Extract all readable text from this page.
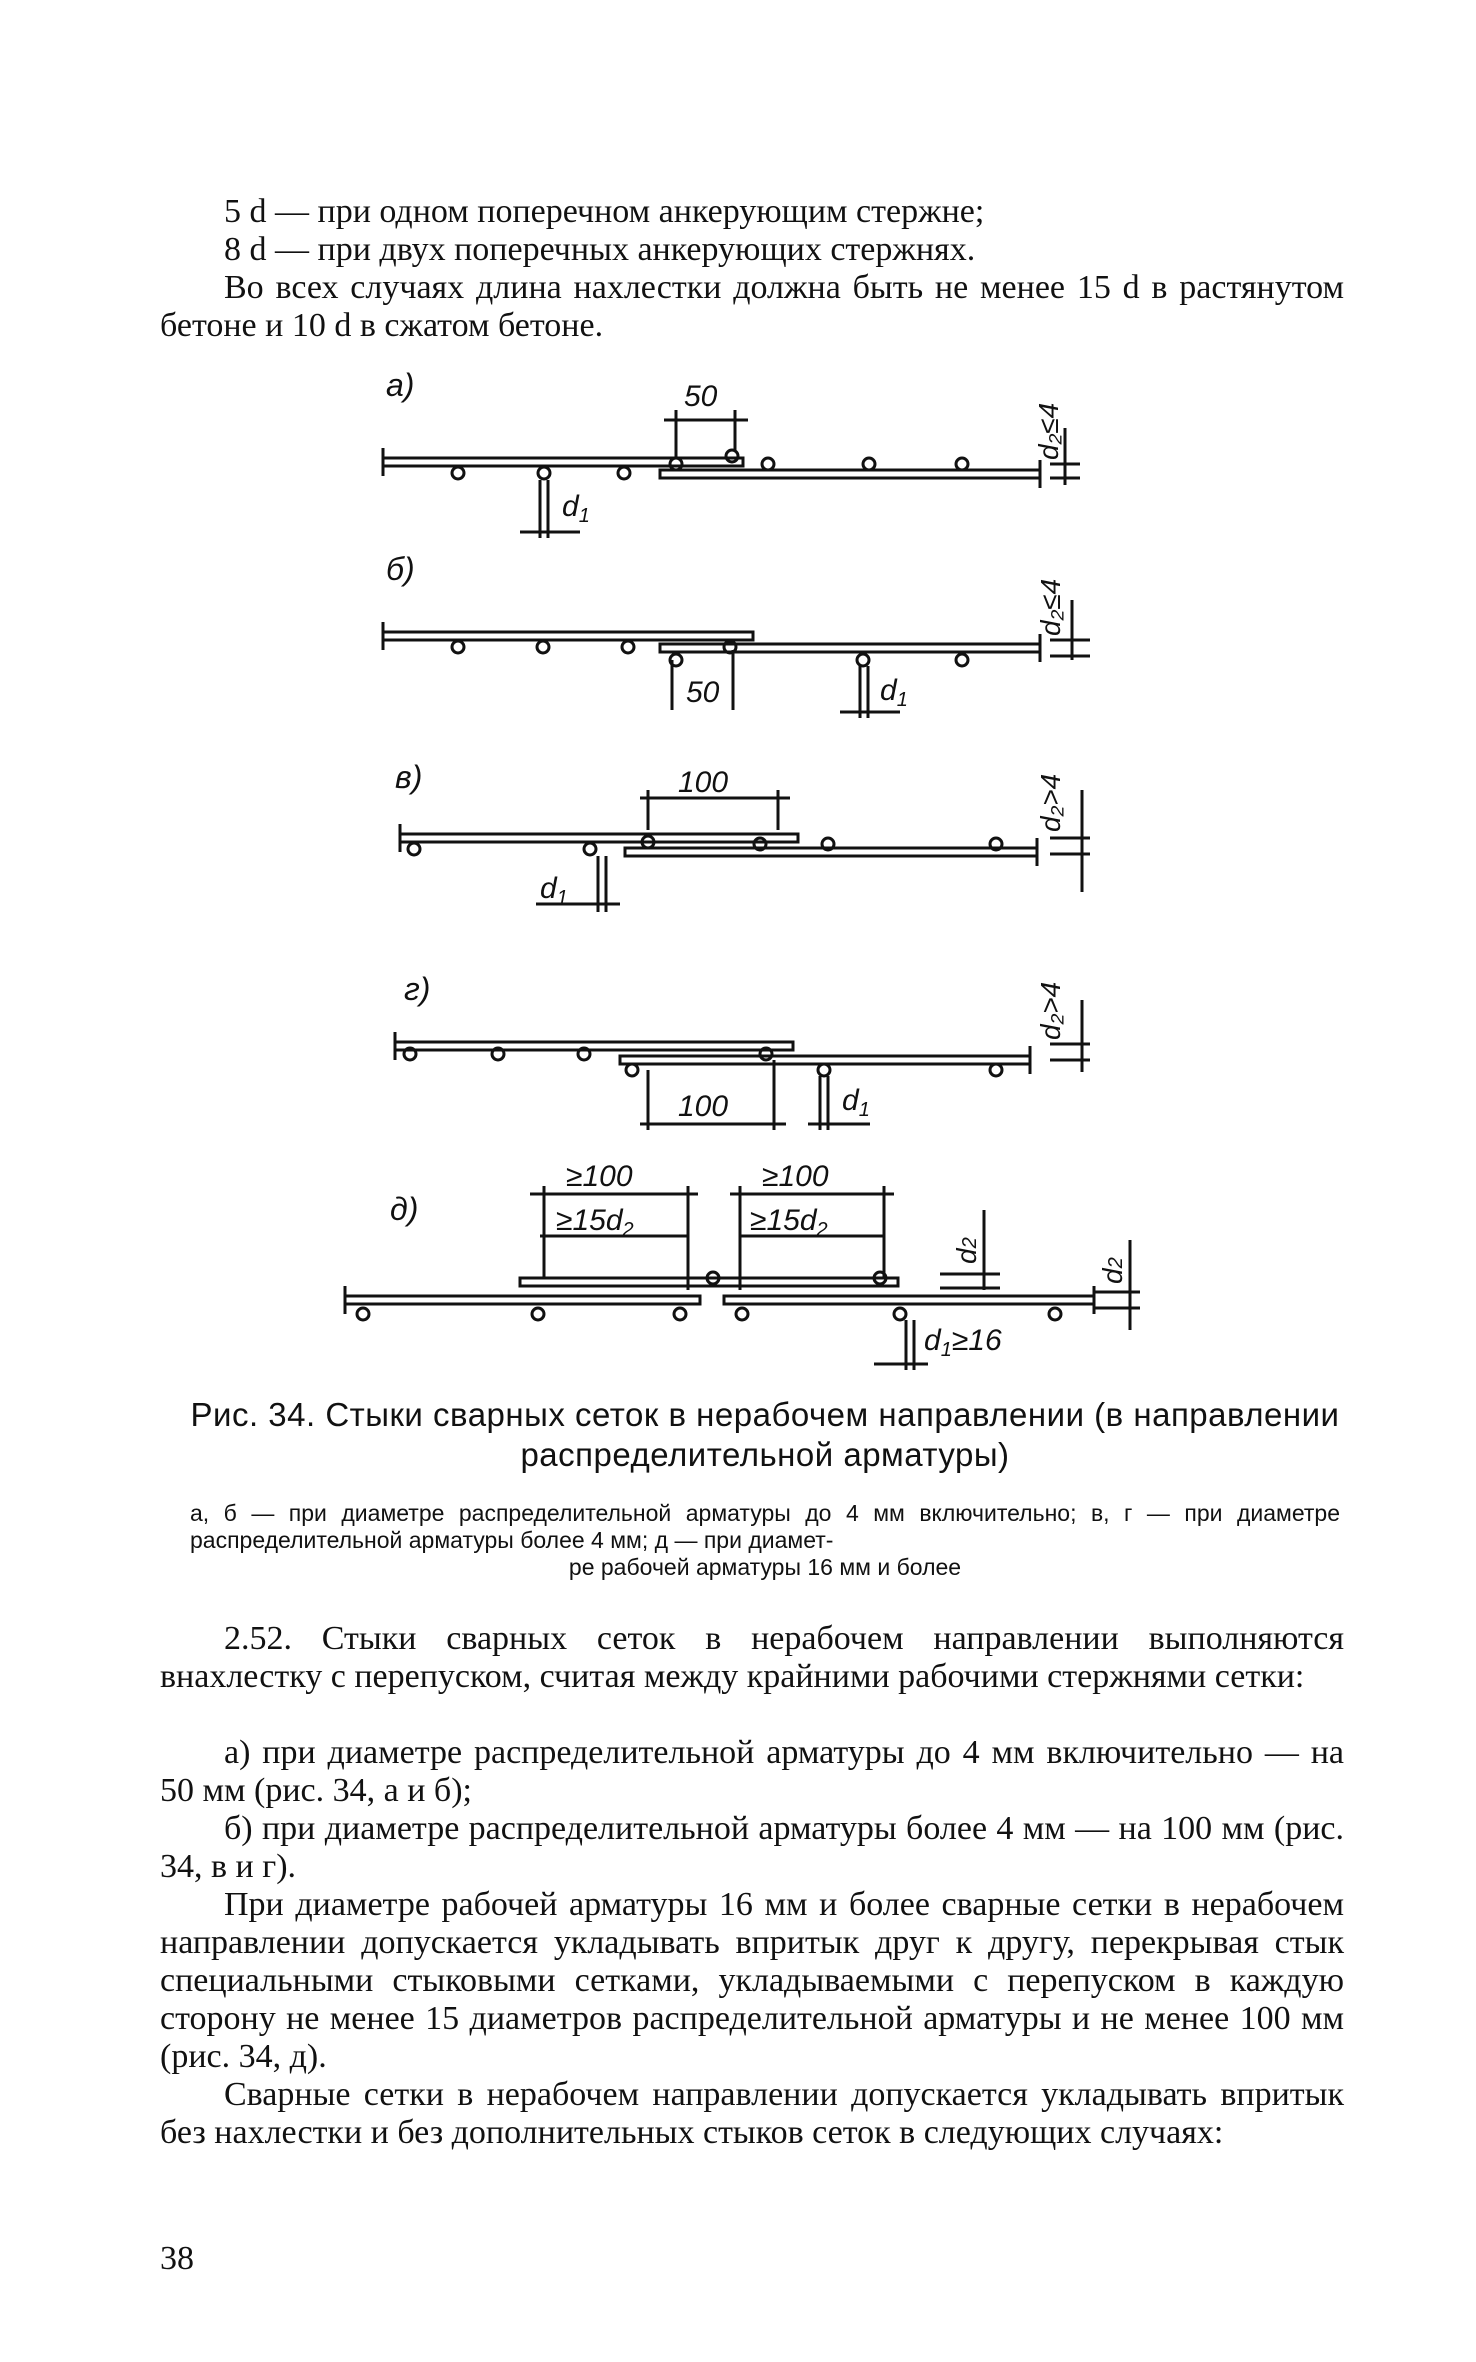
5 d — при одном поперечном анкерующим стержне;

8 d — при двух поперечных анкерующих стержнях.

Во всех случаях длина нахлестки должна быть не менее 15 d в растянутом бетоне и 10 d в сжатом бетоне.

a)	50
$d_1$
d₂≤4
б)
50	$d_1$
d₂≤4
в)	100
$d_1$
d₂>4
г)
100	$d_1$
d₂>4
д)
≥100	≥100
$\ge 15d_2$	$\ge 15d_2$
d2
d2
$d_1\ge 16$

Рис. 34. Стыки сварных сеток в нерабочем направлении (в направлении распределительной арматуры)

а, б — при диаметре распределительной арматуры до 4 мм включительно; в, г — при диаметре распределительной арматуры более 4 мм; д — при диамет-
ре рабочей арматуры 16 мм и более

2.52. Стыки сварных сеток в нерабочем направлении выполняются внахлестку с перепуском, считая между крайними рабочими стержнями сетки:

а) при диаметре распределительной арматуры до 4 мм включительно — на 50 мм (рис. 34, а и б);

б) при диаметре распределительной арматуры более 4 мм — на 100 мм (рис. 34, в и г).

При диаметре рабочей арматуры 16 мм и более сварные сетки в нерабочем направлении допускается укладывать впритык друг к другу, перекрывая стык специальными стыковыми сетками, укладываемыми с перепуском в каждую сторону не менее 15 диаметров распределительной арматуры и не менее 100 мм (рис. 34, д).

Сварные сетки в нерабочем направлении допускается укладывать впритык без нахлестки и без дополнительных стыков сеток в следующих случаях:

38
